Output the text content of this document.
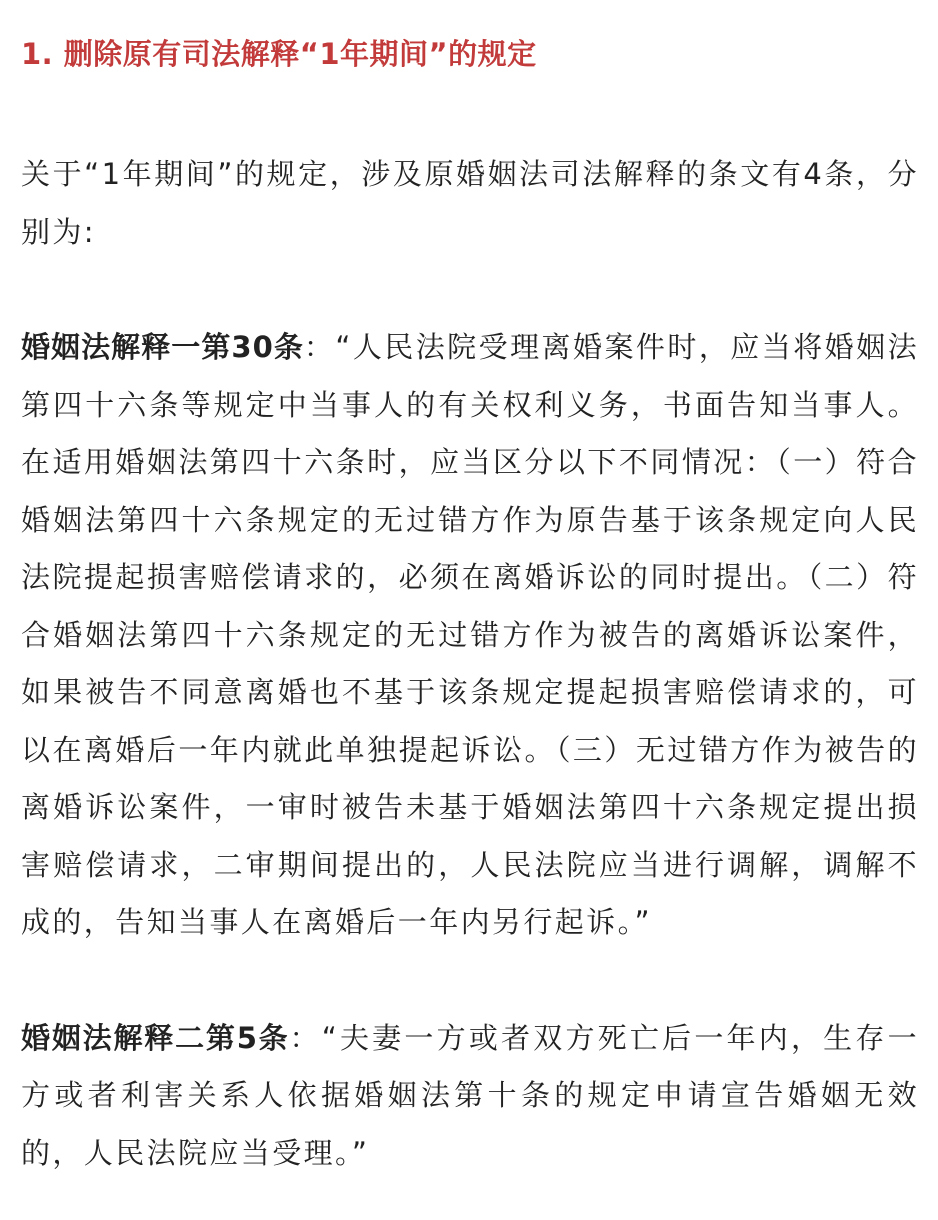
1. 删除原有司法解释“1年期间”的规定

关于“1年期间”的规定，涉及原婚姻法司法解释的条文有4条，分别为:

婚姻法解释一第30条：“人民法院受理离婚案件时，应当将婚姻法第四十六条等规定中当事人的有关权利义务，书面告知当事人。在适用婚姻法第四十六条时，应当区分以下不同情况：（一）符合婚姻法第四十六条规定的无过错方作为原告基于该条规定向人民法院提起损害赔偿请求的，必须在离婚诉讼的同时提出。（二）符合婚姻法第四十六条规定的无过错方作为被告的离婚诉讼案件，如果被告不同意离婚也不基于该条规定提起损害赔偿请求的，可以在离婚后一年内就此单独提起诉讼。（三）无过错方作为被告的离婚诉讼案件，一审时被告未基于婚姻法第四十六条规定提出损害赔偿请求，二审期间提出的，人民法院应当进行调解，调解不成的，告知当事人在离婚后一年内另行起诉。”

婚姻法解释二第5条：“夫妻一方或者双方死亡后一年内，生存一方或者利害关系人依据婚姻法第十条的规定申请宣告婚姻无效的，人民法院应当受理。”
